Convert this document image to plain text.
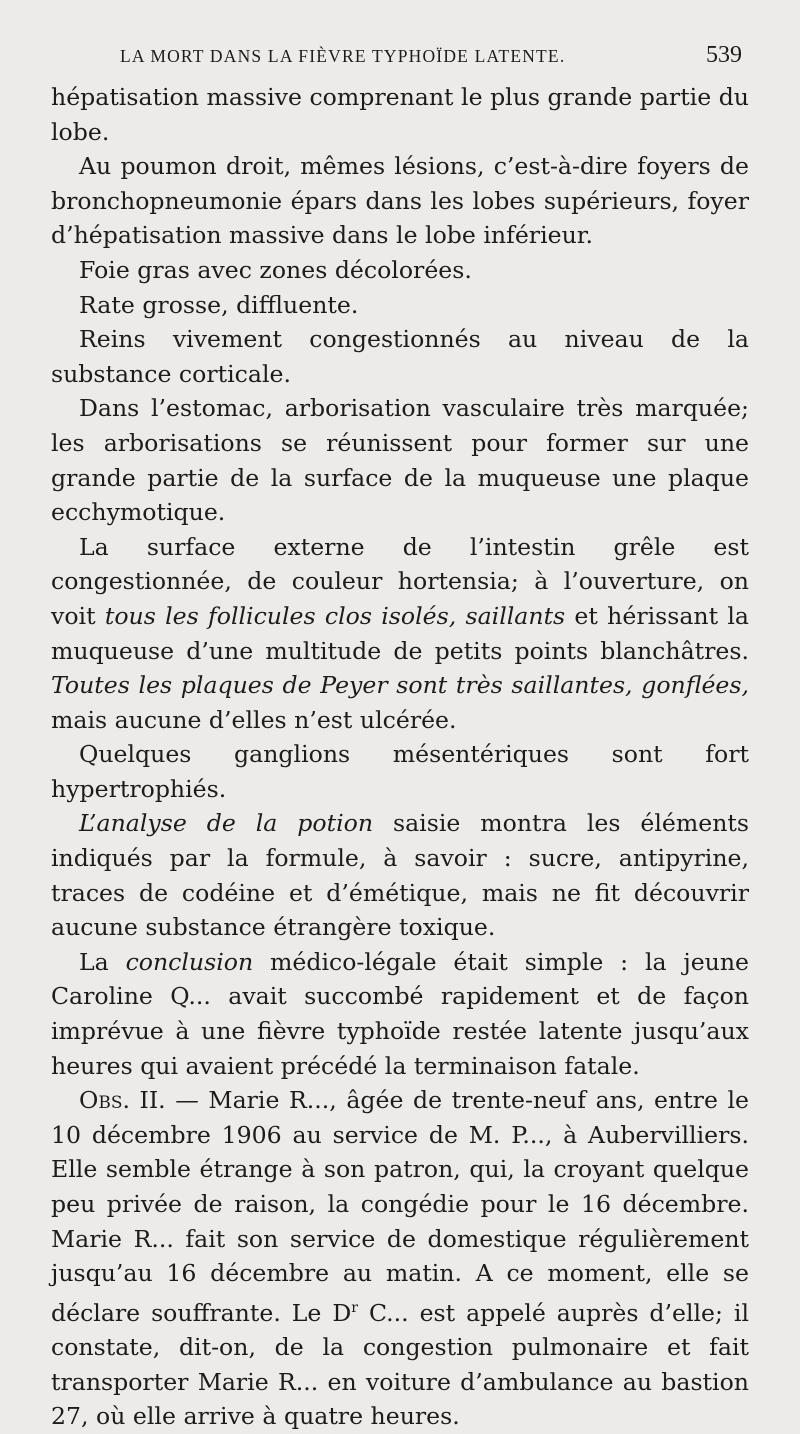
LA MORT DANS LA FIÈVRE TYPHOÏDE LATENTE.	539

hépatisation massive comprenant le plus grande partie du lobe.

Au poumon droit, mêmes lésions, c’est-à-dire foyers de bronchopneumonie épars dans les lobes supérieurs, foyer d’hépatisation massive dans le lobe inférieur.

Foie gras avec zones décolorées.

Rate grosse, diffluente.

Reins vivement congestionnés au niveau de la substance corticale.

Dans l’estomac, arborisation vasculaire très marquée; les arborisations se réunissent pour former sur une grande partie de la surface de la muqueuse une plaque ecchymotique.

La surface externe de l’intestin grêle est congestionnée, de couleur hortensia; à l’ouverture, on voit tous les follicules clos isolés, saillants et hérissant la muqueuse d’une multitude de petits points blanchâtres. Toutes les plaques de Peyer sont très saillantes, gonflées, mais aucune d’elles n’est ulcérée.

Quelques ganglions mésentériques sont fort hypertrophiés.

L’analyse de la potion saisie montra les éléments indiqués par la formule, à savoir : sucre, antipyrine, traces de codéine et d’émétique, mais ne fit découvrir aucune substance étrangère toxique.

La conclusion médico-légale était simple : la jeune Caroline Q... avait succombé rapidement et de façon imprévue à une fièvre typhoïde restée latente jusqu’aux heures qui avaient précédé la terminaison fatale.

Obs. II. — Marie R..., âgée de trente-neuf ans, entre le 10 décembre 1906 au service de M. P..., à Aubervilliers. Elle semble étrange à son patron, qui, la croyant quelque peu privée de raison, la congédie pour le 16 décembre. Marie R... fait son service de domestique régulièrement jusqu’au 16 décembre au matin. A ce moment, elle se déclare souffrante. Le $D^r$ C... est appelé auprès d’elle; il constate, dit-on, de la congestion pulmonaire et fait transporter Marie R... en voiture d’ambulance au bastion 27, où elle arrive à quatre heures.
